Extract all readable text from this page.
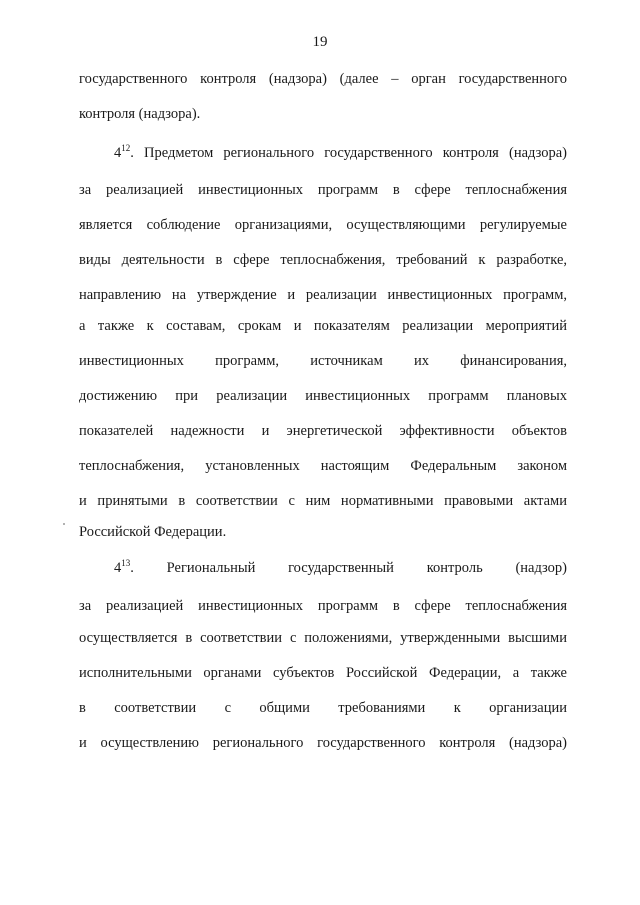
19
государственного контроля (надзора) (далее – орган государственного
контроля (надзора).
$4^{12}$. Предметом регионального государственного контроля (надзора)
за реализацией инвестиционных программ в сфере теплоснабжения
является соблюдение организациями, осуществляющими регулируемые
виды деятельности в сфере теплоснабжения, требований к разработке,
направлению на утверждение и реализации инвестиционных программ,
а также к составам, срокам и показателям реализации мероприятий
инвестиционных программ, источникам их финансирования,
достижению при реализации инвестиционных программ плановых
показателей надежности и энергетической эффективности объектов
теплоснабжения, установленных настоящим Федеральным законом
и принятыми в соответствии с ним нормативными правовыми актами
Российской Федерации.
$4^{13}$. Региональный государственный контроль (надзор)
за реализацией инвестиционных программ в сфере теплоснабжения
осуществляется в соответствии с положениями, утвержденными высшими
исполнительными органами субъектов Российской Федерации, а также
в соответствии с общими требованиями к организации
и осуществлению регионального государственного контроля (надзора)
